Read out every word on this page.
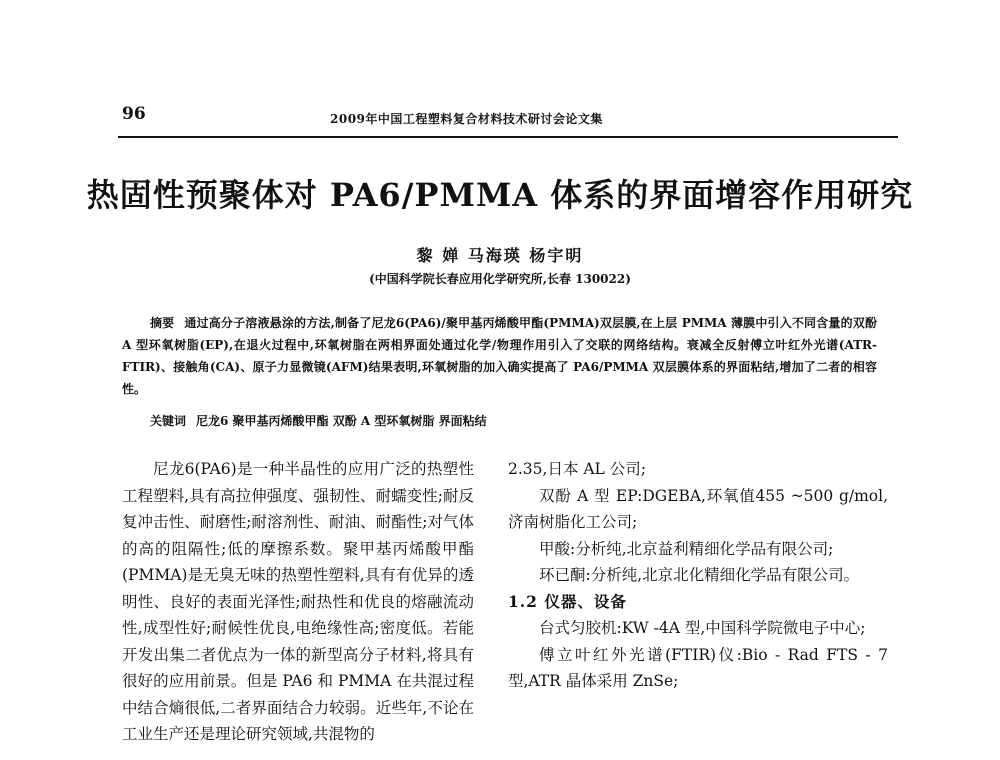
96	2009年中国工程塑料复合材料技术研讨会论文集
热固性预聚体对 PA6/PMMA 体系的界面增容作用研究
黎 婵 马海瑛 杨宇明
(中国科学院长春应用化学研究所,长春 130022)
摘要 通过高分子溶液悬涂的方法,制备了尼龙6(PA6)/聚甲基丙烯酸甲酯(PMMA)双层膜,在上层 PMMA 薄膜中引入不同含量的双酚 A 型环氧树脂(EP),在退火过程中,环氧树脂在两相界面处通过化学/物理作用引入了交联的网络结构。衰减全反射傅立叶红外光谱(ATR-FTIR)、接触角(CA)、原子力显微镜(AFM)结果表明,环氧树脂的加入确实提高了 PA6/PMMA 双层膜体系的界面粘结,增加了二者的相容性。
关键词 尼龙6 聚甲基丙烯酸甲酯 双酚 A 型环氧树脂 界面粘结

尼龙6(PA6)是一种半晶性的应用广泛的热塑性工程塑料,具有高拉伸强度、强韧性、耐蠕变性;耐反复冲击性、耐磨性;耐溶剂性、耐油、耐酯性;对气体的高的阻隔性;低的摩擦系数。聚甲基丙烯酸甲酯(PMMA)是无臭无味的热塑性塑料,具有有优异的透明性、良好的表面光泽性;耐热性和优良的熔融流动性,成型性好;耐候性优良,电绝缘性高;密度低。若能开发出集二者优点为一体的新型高分子材料,将具有很好的应用前景。但是 PA6 和 PMMA 在共混过程中结合熵很低,二者界面结合力较弱。近些年,不论在工业生产还是理论研究领域,共混物的

2.35,日本 AL 公司;

双酚 A 型 EP:DGEBA,环氧值455 ~500 g/mol,济南树脂化工公司;

甲酸:分析纯,北京益利精细化学品有限公司;

环已酮:分析纯,北京北化精细化学品有限公司。

1.2 仪器、设备

台式匀胶机:KW -4A 型,中国科学院微电子中心;

傅立叶红外光谱(FTIR)仪:Bio - Rad FTS - 7型,ATR 晶体采用 ZnSe;
